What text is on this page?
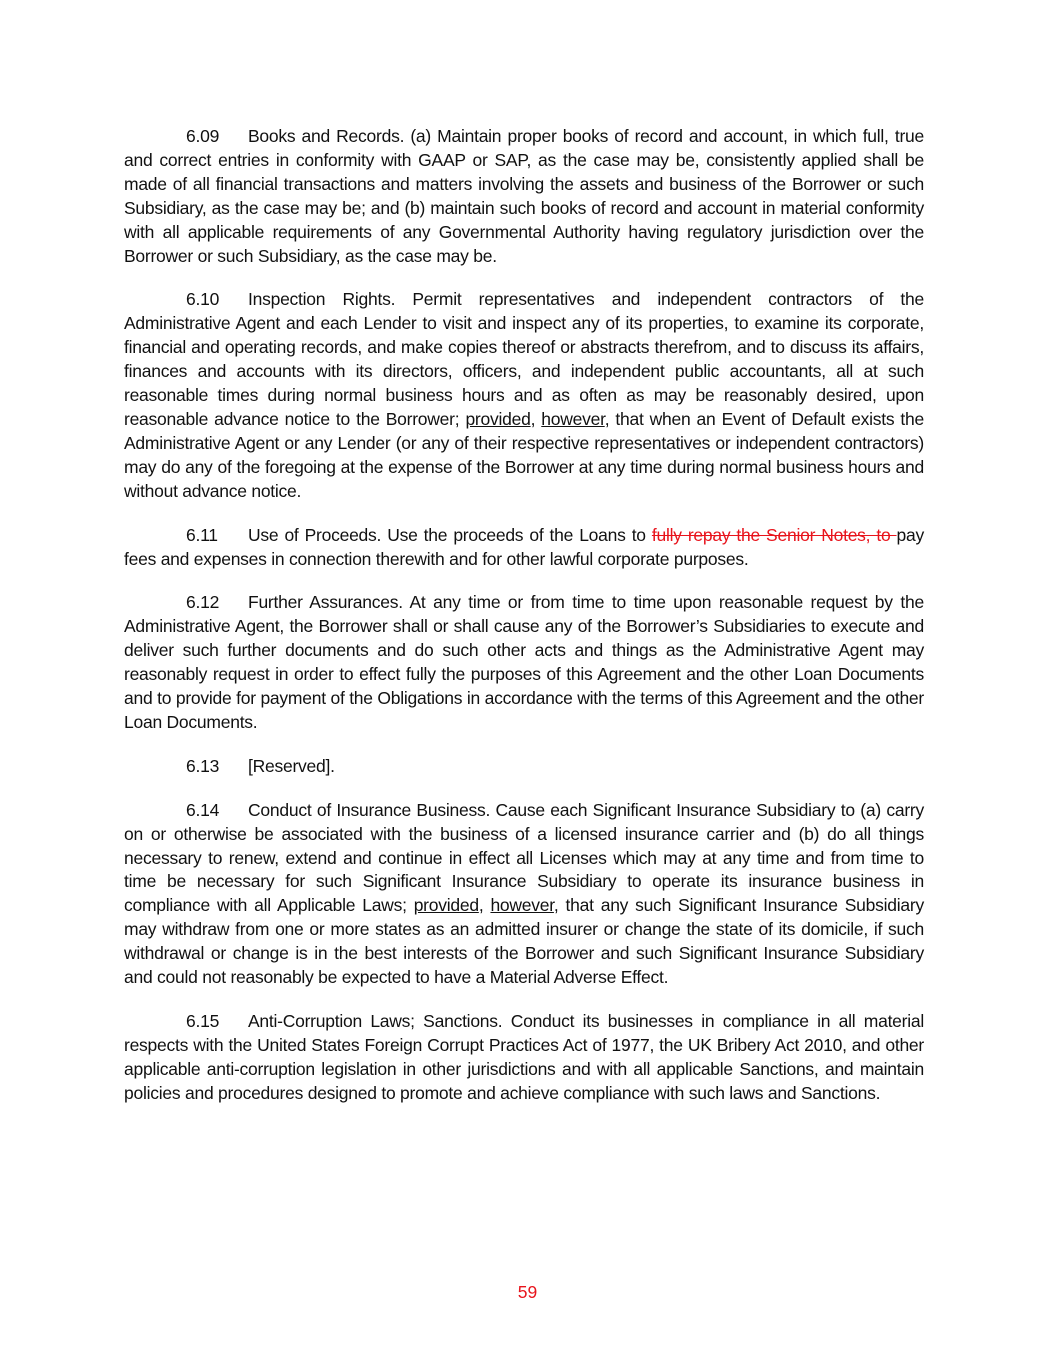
6.09 Books and Records. (a) Maintain proper books of record and account, in which full, true and correct entries in conformity with GAAP or SAP, as the case may be, consistently applied shall be made of all financial transactions and matters involving the assets and business of the Borrower or such Subsidiary, as the case may be; and (b) maintain such books of record and account in material conformity with all applicable requirements of any Governmental Authority having regulatory jurisdiction over the Borrower or such Subsidiary, as the case may be.

6.10 Inspection Rights. Permit representatives and independent contractors of the Administrative Agent and each Lender to visit and inspect any of its properties, to examine its corporate, financial and operating records, and make copies thereof or abstracts therefrom, and to discuss its affairs, finances and accounts with its directors, officers, and independent public accountants, all at such reasonable times during normal business hours and as often as may be reasonably desired, upon reasonable advance notice to the Borrower; provided, however, that when an Event of Default exists the Administrative Agent or any Lender (or any of their respective representatives or independent contractors) may do any of the foregoing at the expense of the Borrower at any time during normal business hours and without advance notice.

6.11 Use of Proceeds. Use the proceeds of the Loans to fully repay the Senior Notes, to pay fees and expenses in connection therewith and for other lawful corporate purposes.

6.12 Further Assurances. At any time or from time to time upon reasonable request by the Administrative Agent, the Borrower shall or shall cause any of the Borrower’s Subsidiaries to execute and deliver such further documents and do such other acts and things as the Administrative Agent may reasonably request in order to effect fully the purposes of this Agreement and the other Loan Documents and to provide for payment of the Obligations in accordance with the terms of this Agreement and the other Loan Documents.

6.13 [Reserved].

6.14 Conduct of Insurance Business. Cause each Significant Insurance Subsidiary to (a) carry on or otherwise be associated with the business of a licensed insurance carrier and (b) do all things necessary to renew, extend and continue in effect all Licenses which may at any time and from time to time be necessary for such Significant Insurance Subsidiary to operate its insurance business in compliance with all Applicable Laws; provided, however, that any such Significant Insurance Subsidiary may withdraw from one or more states as an admitted insurer or change the state of its domicile, if such withdrawal or change is in the best interests of the Borrower and such Significant Insurance Subsidiary and could not reasonably be expected to have a Material Adverse Effect.

6.15 Anti-Corruption Laws; Sanctions. Conduct its businesses in compliance in all material respects with the United States Foreign Corrupt Practices Act of 1977, the UK Bribery Act 2010, and other applicable anti-corruption legislation in other jurisdictions and with all applicable Sanctions, and maintain policies and procedures designed to promote and achieve compliance with such laws and Sanctions.

59
